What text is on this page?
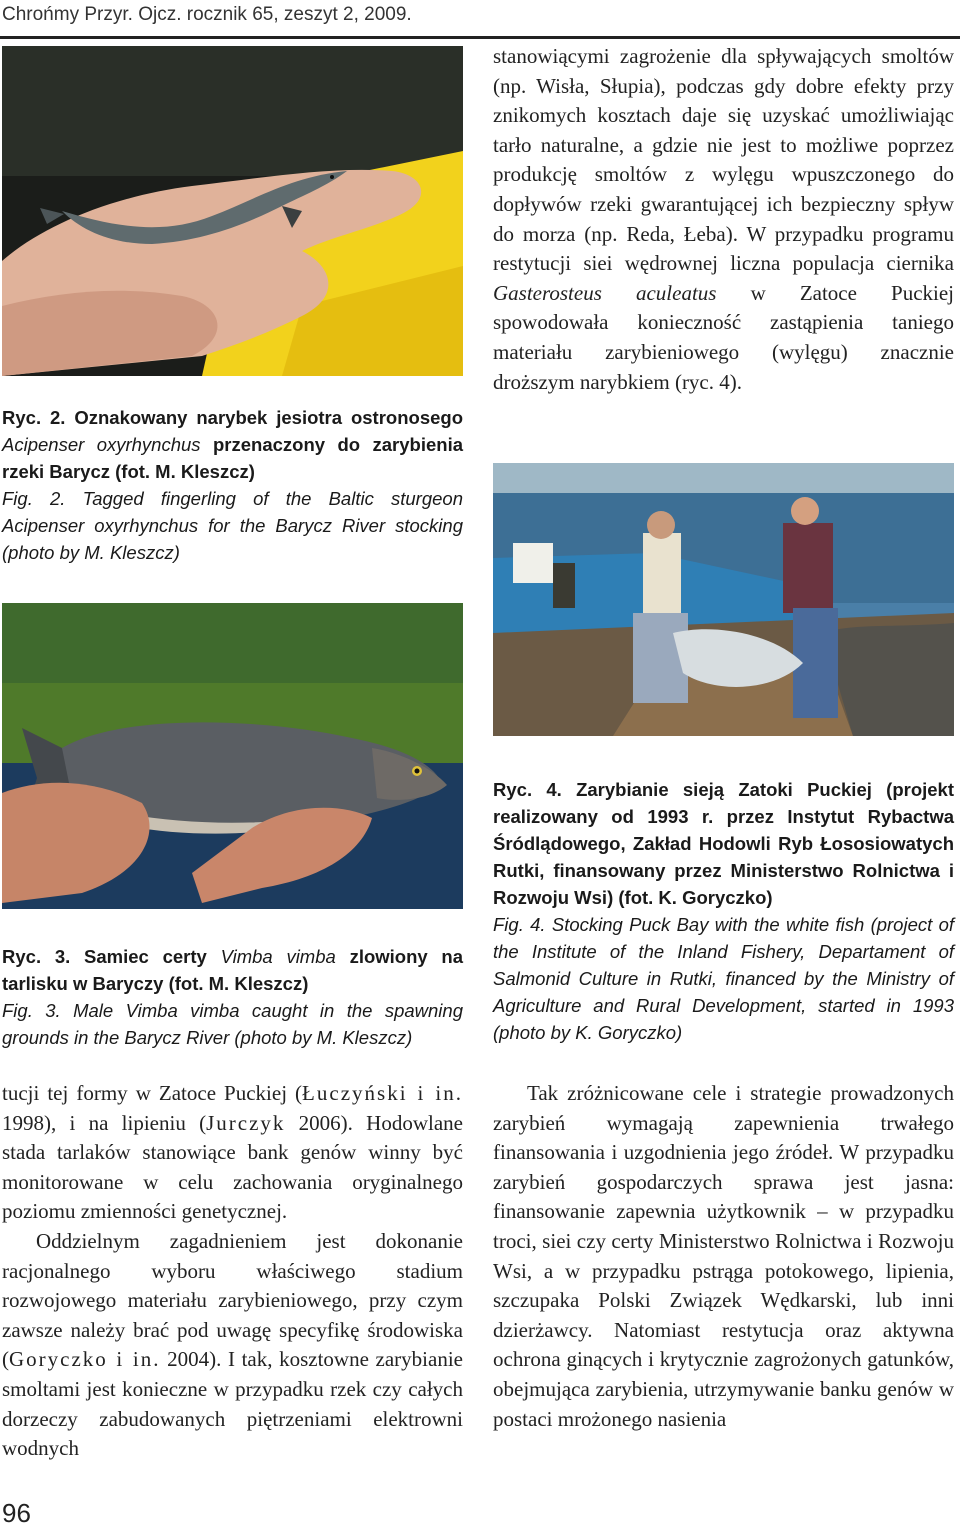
Chrońmy Przyr. Ojcz. rocznik 65, zeszyt 2, 2009.

Ryc. 2. Oznakowany narybek jesiotra ostronosego Acipenser oxyrhynchus przenaczony do zarybienia rzeki Barycz (fot. M. Kleszcz)

Fig. 2. Tagged fingerling of the Baltic sturgeon Acipenser oxyrhynchus for the Barycz River stocking (photo by M. Kleszcz)

stanowiącymi zagrożenie dla spływających smoltów (np. Wisła, Słupia), podczas gdy dobre efekty przy znikomych kosztach daje się uzyskać umożliwiając tarło naturalne, a gdzie nie jest to możliwe poprzez produkcję smoltów z wylęgu wpuszczonego do dopływów rzeki gwarantującej ich bezpieczny spływ do morza (np. Reda, Łeba). W przypadku programu restytucji siei wędrownej liczna populacja ciernika Gasterosteus aculeatus w Zatoce Puckiej spowodowała konieczność zastąpienia taniego materiału zarybieniowego (wylęgu) znacznie droższym narybkiem (ryc. 4).

Ryc. 4. Zarybianie sieją Zatoki Puckiej (projekt realizowany od 1993 r. przez Instytut Rybactwa Śródlądowego, Zakład Hodowli Ryb Łososiowatych Rutki, finansowany przez Ministerstwo Rolnictwa i Rozwoju Wsi) (fot. K. Goryczko)

Fig. 4. Stocking Puck Bay with the white fish (project of the Institute of the Inland Fishery, Departament of Salmonid Culture in Rutki, financed by the Ministry of Agriculture and Rural Development, started in 1993 (photo by K. Goryczko)

Ryc. 3. Samiec certy Vimba vimba zlowiony na tarlisku w Baryczy (fot. M. Kleszcz)

Fig. 3. Male Vimba vimba caught in the spawning grounds in the Barycz River (photo by M. Kleszcz)

tucji tej formy w Zatoce Puckiej (Łuczyński i in. 1998), i na lipieniu (Jurczyk 2006). Hodowlane stada tarlaków stanowiące bank genów winny być monitorowane w celu zachowania oryginalnego poziomu zmienności genetycznej.

Oddzielnym zagadnieniem jest dokonanie racjonalnego wyboru właściwego stadium rozwojowego materiału zarybieniowego, przy czym zawsze należy brać pod uwagę specyfikę środowiska (Goryczko i in. 2004). I tak, kosztowne zarybianie smoltami jest konieczne w przypadku rzek czy całych dorzeczy zabudowanych piętrzeniami elektrowni wodnych

Tak zróżnicowane cele i strategie prowadzonych zarybień wymagają zapewnienia trwałego finansowania i uzgodnienia jego źródeł. W przypadku zarybień gospodarczych sprawa jest jasna: finansowanie zapewnia użytkownik – w przypadku troci, siei czy certy Ministerstwo Rolnictwa i Rozwoju Wsi, a w przypadku pstrąga potokowego, lipienia, szczupaka Polski Związek Wędkarski, lub inni dzierżawcy. Natomiast restytucja oraz aktywna ochrona ginących i krytycznie zagrożonych gatunków, obejmująca zarybienia, utrzymywanie banku genów w postaci mrożonego nasienia

96
